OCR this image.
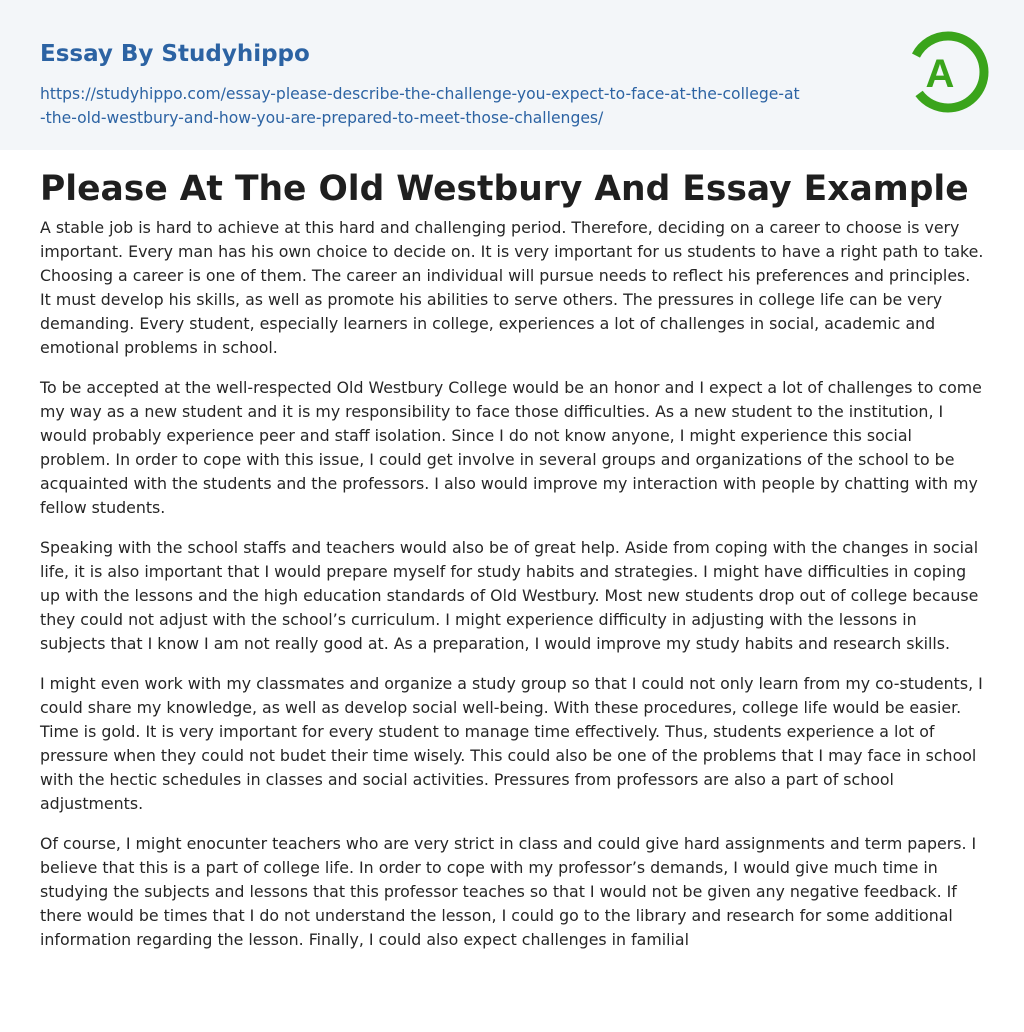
Essay By Studyhippo
https://studyhippo.com/essay-please-describe-the-challenge-you-expect-to-face-at-the-college-at-the-old-westbury-and-how-you-are-prepared-to-meet-those-challenges/
A
Please At The Old Westbury And Essay Example

A stable job is hard to achieve at this hard and challenging period. Therefore, deciding on a career to choose is very important. Every man has his own choice to decide on. It is very important for us students to have a right path to take. Choosing a career is one of them. The career an individual will pursue needs to reflect his preferences and principles. It must develop his skills, as well as promote his abilities to serve others. The pressures in college life can be very demanding. Every student, especially learners in college, experiences a lot of challenges in social, academic and emotional problems in school.

To be accepted at the well-respected Old Westbury College would be an honor and I expect a lot of challenges to come my way as a new student and it is my responsibility to face those difficulties. As a new student to the institution, I would probably experience peer and staff isolation. Since I do not know anyone, I might experience this social problem. In order to cope with this issue, I could get involve in several groups and organizations of the school to be acquainted with the students and the professors. I also would improve my interaction with people by chatting with my fellow students.

Speaking with the school staffs and teachers would also be of great help. Aside from coping with the changes in social life, it is also important that I would prepare myself for study habits and strategies. I might have difficulties in coping up with the lessons and the high education standards of Old Westbury. Most new students drop out of college because they could not adjust with the school’s curriculum. I might experience difficulty in adjusting with the lessons in subjects that I know I am not really good at. As a preparation, I would improve my study habits and research skills.

I might even work with my classmates and organize a study group so that I could not only learn from my co-students, I could share my knowledge, as well as develop social well-being. With these procedures, college life would be easier. Time is gold. It is very important for every student to manage time effectively. Thus, students experience a lot of pressure when they could not budet their time wisely. This could also be one of the problems that I may face in school with the hectic schedules in classes and social activities. Pressures from professors are also a part of school adjustments.

Of course, I might enocunter teachers who are very strict in class and could give hard assignments and term papers. I believe that this is a part of college life. In order to cope with my professor’s demands, I would give much time in studying the subjects and lessons that this professor teaches so that I would not be given any negative feedback. If there would be times that I do not understand the lesson, I could go to the library and research for some additional information regarding the lesson. Finally, I could also expect challenges in familial
